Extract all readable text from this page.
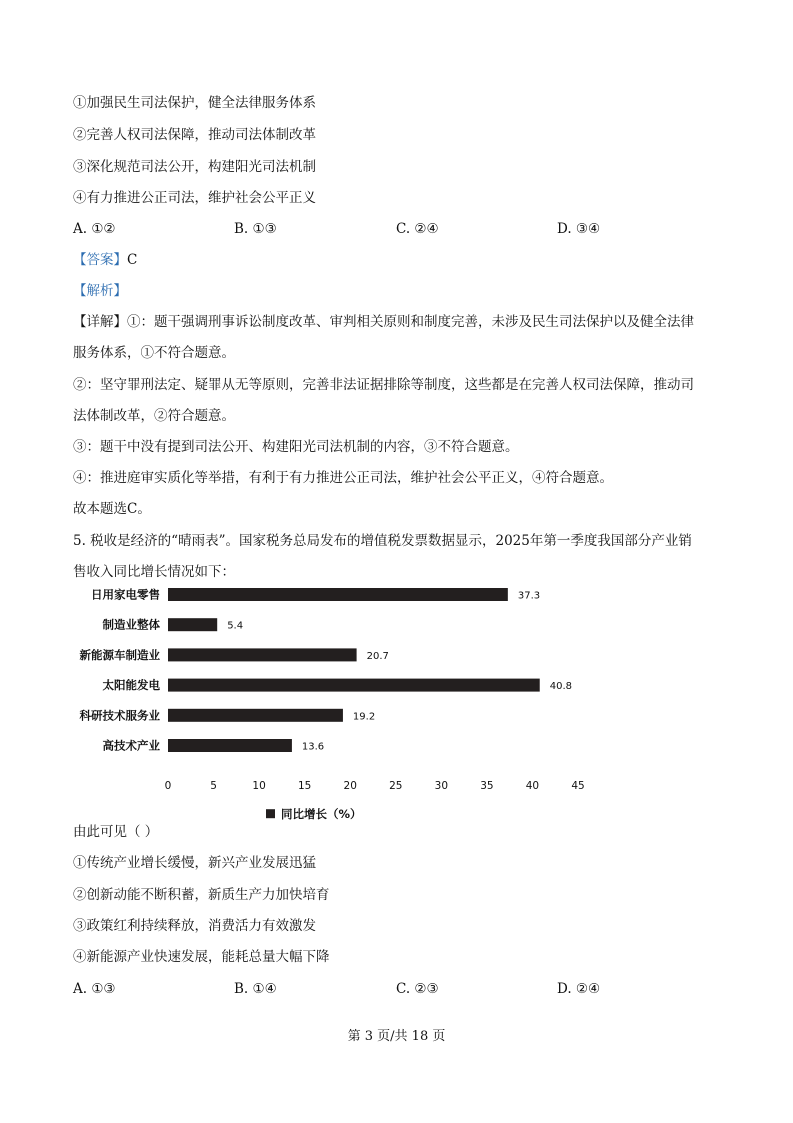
①加强民生司法保护，健全法律服务体系
②完善人权司法保障，推动司法体制改革
③深化规范司法公开，构建阳光司法机制
④有力推进公正司法，维护社会公平正义
A. ①②	B. ①③	C. ②④	D. ③④
【答案】C
【解析】
【详解】①：题干强调刑事诉讼制度改革、审判相关原则和制度完善，未涉及民生司法保护以及健全法律
服务体系，①不符合题意。
②：坚守罪刑法定、疑罪从无等原则，完善非法证据排除等制度，这些都是在完善人权司法保障，推动司
法体制改革，②符合题意。
③：题干中没有提到司法公开、构建阳光司法机制的内容，③不符合题意。
④：推进庭审实质化等举措，有利于有力推进公正司法，维护社会公平正义，④符合题意。
故本题选C。
5. 税收是经济的“晴雨表”。国家税务总局发布的增值税发票数据显示，2025年第一季度我国部分产业销
售收入同比增长情况如下：
日用家电零售	37.3
制造业整体	5.4
新能源车制造业	20.7
太阳能发电	40.8
科研技术服务业	19.2
高技术产业	13.6
0	5	10	15	20	25	30	35	40	45
同比增长（%）
由此可见（ ）
①传统产业增长缓慢，新兴产业发展迅猛
②创新动能不断积蓄，新质生产力加快培育
③政策红利持续释放，消费活力有效激发
④新能源产业快速发展，能耗总量大幅下降
A. ①③	B. ①④	C. ②③	D. ②④
第 3 页/共 18 页
